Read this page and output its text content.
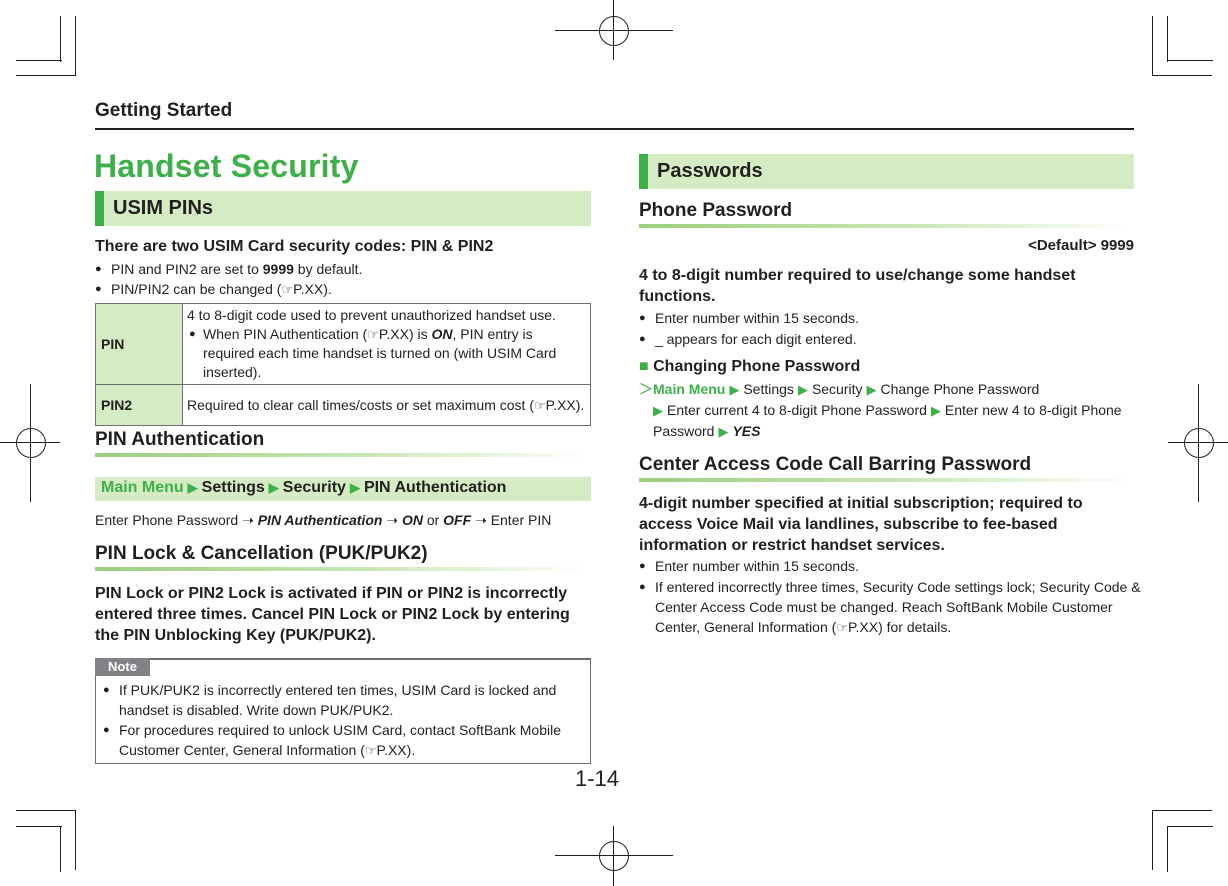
Getting Started
Handset Security
USIM PINs
There are two USIM Card security codes: PIN & PIN2
● PIN and PIN2 are set to 9999 by default.
● PIN/PIN2 can be changed (☞P.XX).
PIN	4 to 8-digit code used to prevent unauthorized handset use.
● When PIN Authentication (☞P.XX) is ON, PIN entry is required each time handset is turned on (with USIM Card inserted).

PIN2	Required to clear call times/costs or set maximum cost (☞P.XX).
PIN Authentication
Main Menu ▶ Settings ▶ Security ▶ PIN Authentication
Enter Phone Password ➝ PIN Authentication ➝ ON or OFF ➝ Enter PIN
PIN Lock & Cancellation (PUK/PUK2)
PIN Lock or PIN2 Lock is activated if PIN or PIN2 is incorrectly entered three times. Cancel PIN Lock or PIN2 Lock by entering the PIN Unblocking Key (PUK/PUK2).
Note
● If PUK/PUK2 is incorrectly entered ten times, USIM Card is locked and handset is disabled. Write down PUK/PUK2.
● For procedures required to unlock USIM Card, contact SoftBank Mobile Customer Center, General Information (☞P.XX).
1-14
Passwords
Phone Password
<Default> 9999
4 to 8-digit number required to use/change some handset functions.
● Enter number within 15 seconds.
● _ appears for each digit entered.
■ Changing Phone Password
＞Main Menu ▶ Settings ▶ Security ▶ Change Phone Password
▶ Enter current 4 to 8-digit Phone Password ▶ Enter new 4 to 8-digit Phone Password ▶ YES
Center Access Code Call Barring Password
4-digit number specified at initial subscription; required to access Voice Mail via landlines, subscribe to fee-based information or restrict handset services.
● Enter number within 15 seconds.
● If entered incorrectly three times, Security Code settings lock; Security Code & Center Access Code must be changed. Reach SoftBank Mobile Customer Center, General Information (☞P.XX) for details.
